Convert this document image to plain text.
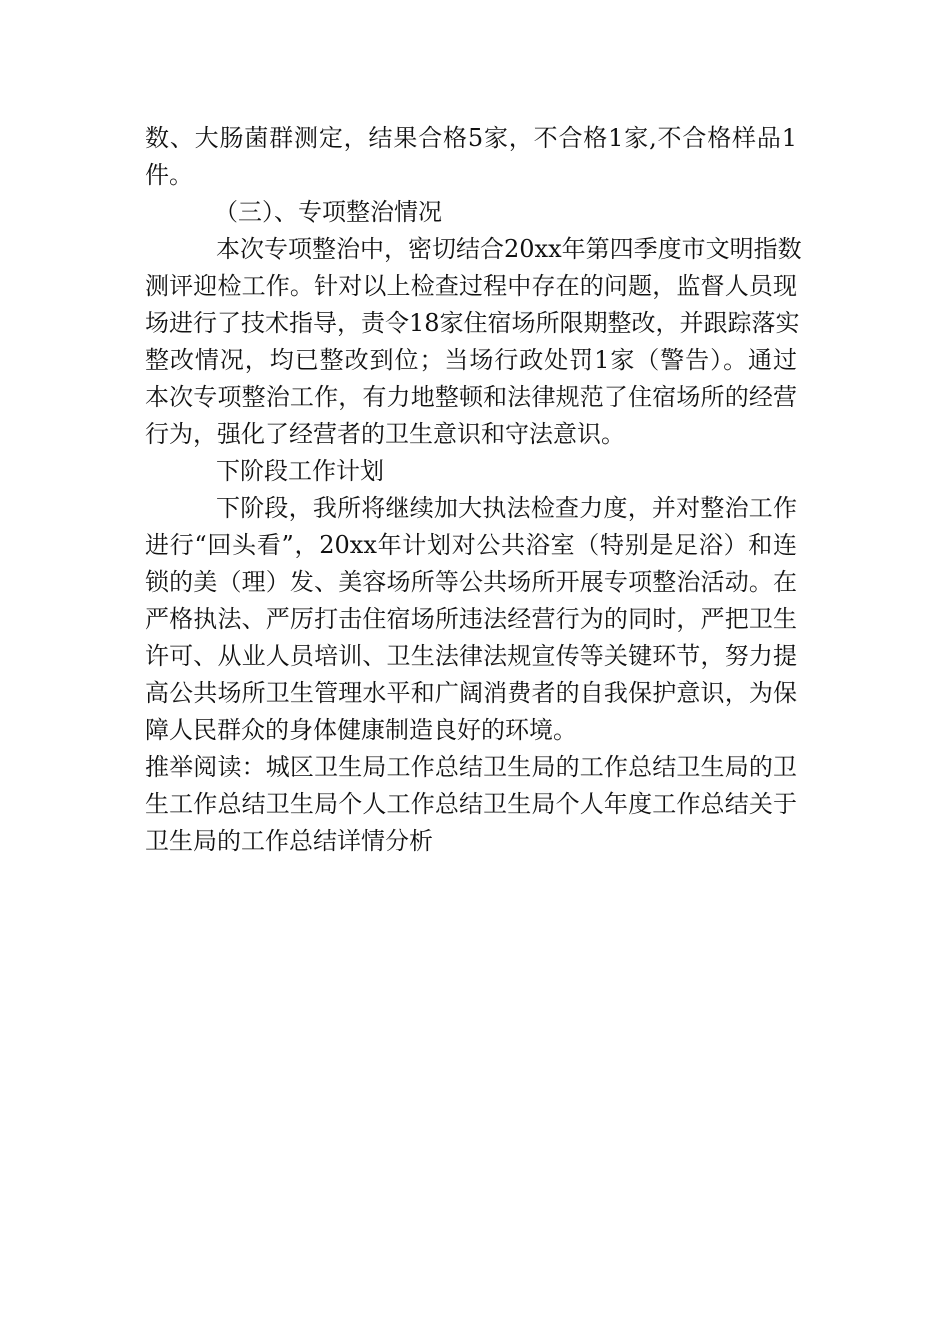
数、大肠菌群测定，结果合格5家，不合格1家,不合格样品1
件。
（三）、专项整治情况
本次专项整治中，密切结合20xx年第四季度市文明指数
测评迎检工作。针对以上检查过程中存在的问题，监督人员现
场进行了技术指导，责令18家住宿场所限期整改，并跟踪落实
整改情况，均已整改到位；当场行政处罚1家（警告）。通过
本次专项整治工作，有力地整顿和法律规范了住宿场所的经营
行为，强化了经营者的卫生意识和守法意识。
下阶段工作计划
下阶段，我所将继续加大执法检查力度，并对整治工作
进行“回头看”，20xx年计划对公共浴室（特别是足浴）和连
锁的美（理）发、美容场所等公共场所开展专项整治活动。在
严格执法、严厉打击住宿场所违法经营行为的同时，严把卫生
许可、从业人员培训、卫生法律法规宣传等关键环节，努力提
高公共场所卫生管理水平和广阔消费者的自我保护意识，为保
障人民群众的身体健康制造良好的环境。
推举阅读：城区卫生局工作总结卫生局的工作总结卫生局的卫
生工作总结卫生局个人工作总结卫生局个人年度工作总结关于
卫生局的工作总结详情分析
